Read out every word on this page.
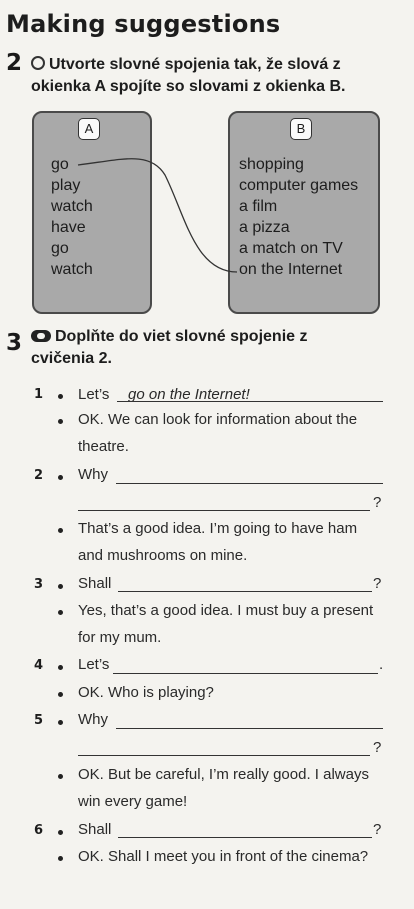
Making suggestions
2	Utvorte slovné spojenia tak, že slová z
okienka A spojíte so slovami z okienka B.
A	B
go
play
watch
have
go
watch
shopping
computer games
a film
a pizza
a match on TV
on the Internet
3	Doplňte do viet slovné spojenie z
cvičenia 2.
1 Let’s go on the Internet!
OK. We can look for information about the
theatre.
2 Why
?
That’s a good idea. I’m going to have ham
and mushrooms on mine.
3 Shall	?
Yes, that’s a good idea. I must buy a present
for my mum.
4 Let’s	.
OK. Who is playing?
5 Why
?
OK. But be careful, I’m really good. I always
win every game!
6 Shall	?
OK. Shall I meet you in front of the cinema?
